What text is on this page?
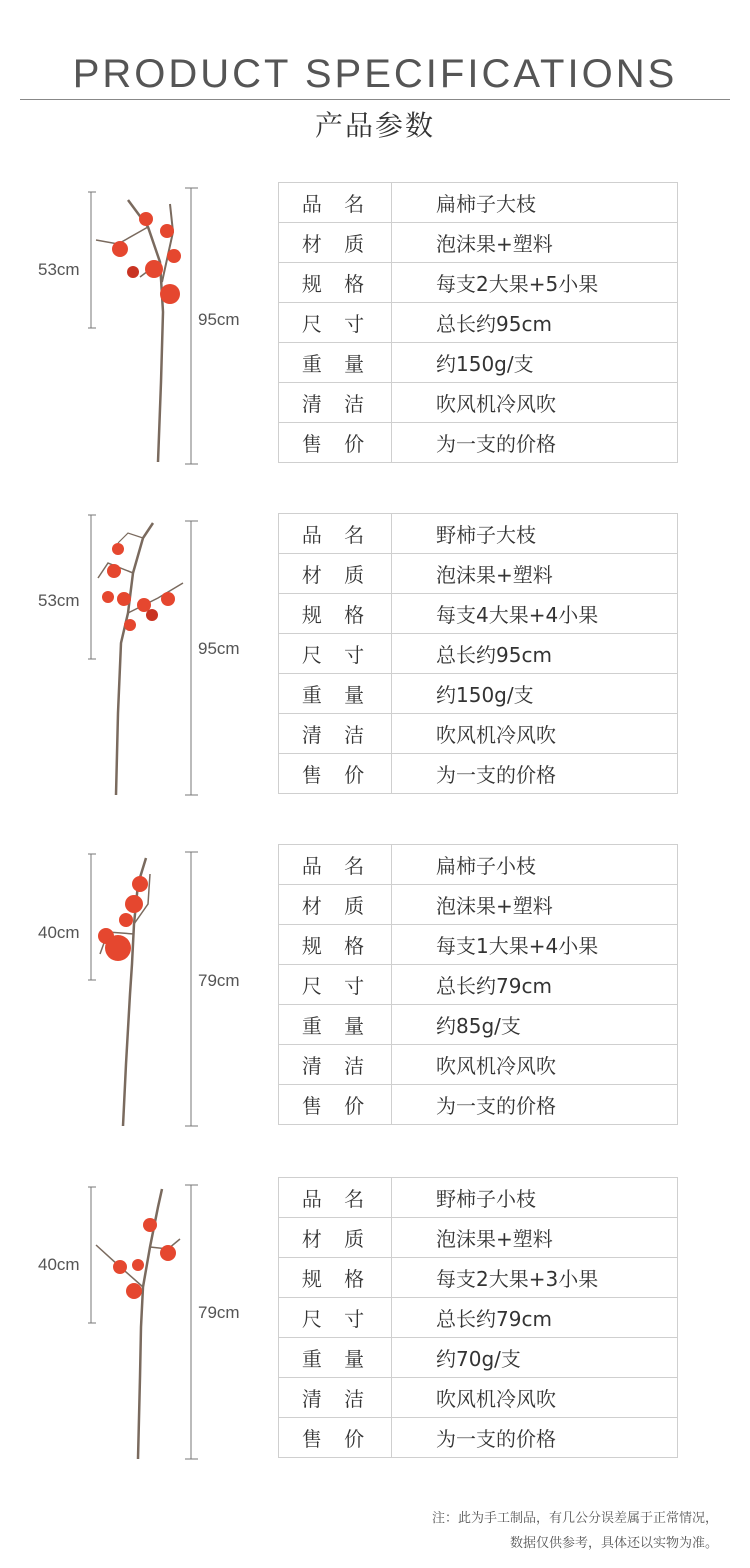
PRODUCT SPECIFICATIONS
产品参数
53cm
95cm
品 名	扁柿子大枝
材 质	泡沫果+塑料
规 格	每支2大果+5小果
尺 寸	总长约95cm
重 量	约150g/支
清 洁	吹风机冷风吹
售 价	为一支的价格
53cm
95cm
品 名	野柿子大枝
材 质	泡沫果+塑料
规 格	每支4大果+4小果
尺 寸	总长约95cm
重 量	约150g/支
清 洁	吹风机冷风吹
售 价	为一支的价格
40cm
79cm
品 名	扁柿子小枝
材 质	泡沫果+塑料
规 格	每支1大果+4小果
尺 寸	总长约79cm
重 量	约85g/支
清 洁	吹风机冷风吹
售 价	为一支的价格
40cm
79cm
品 名	野柿子小枝
材 质	泡沫果+塑料
规 格	每支2大果+3小果
尺 寸	总长约79cm
重 量	约70g/支
清 洁	吹风机冷风吹
售 价	为一支的价格
注：此为手工制品，有几公分误差属于正常情况，
数据仅供参考，具体还以实物为准。
